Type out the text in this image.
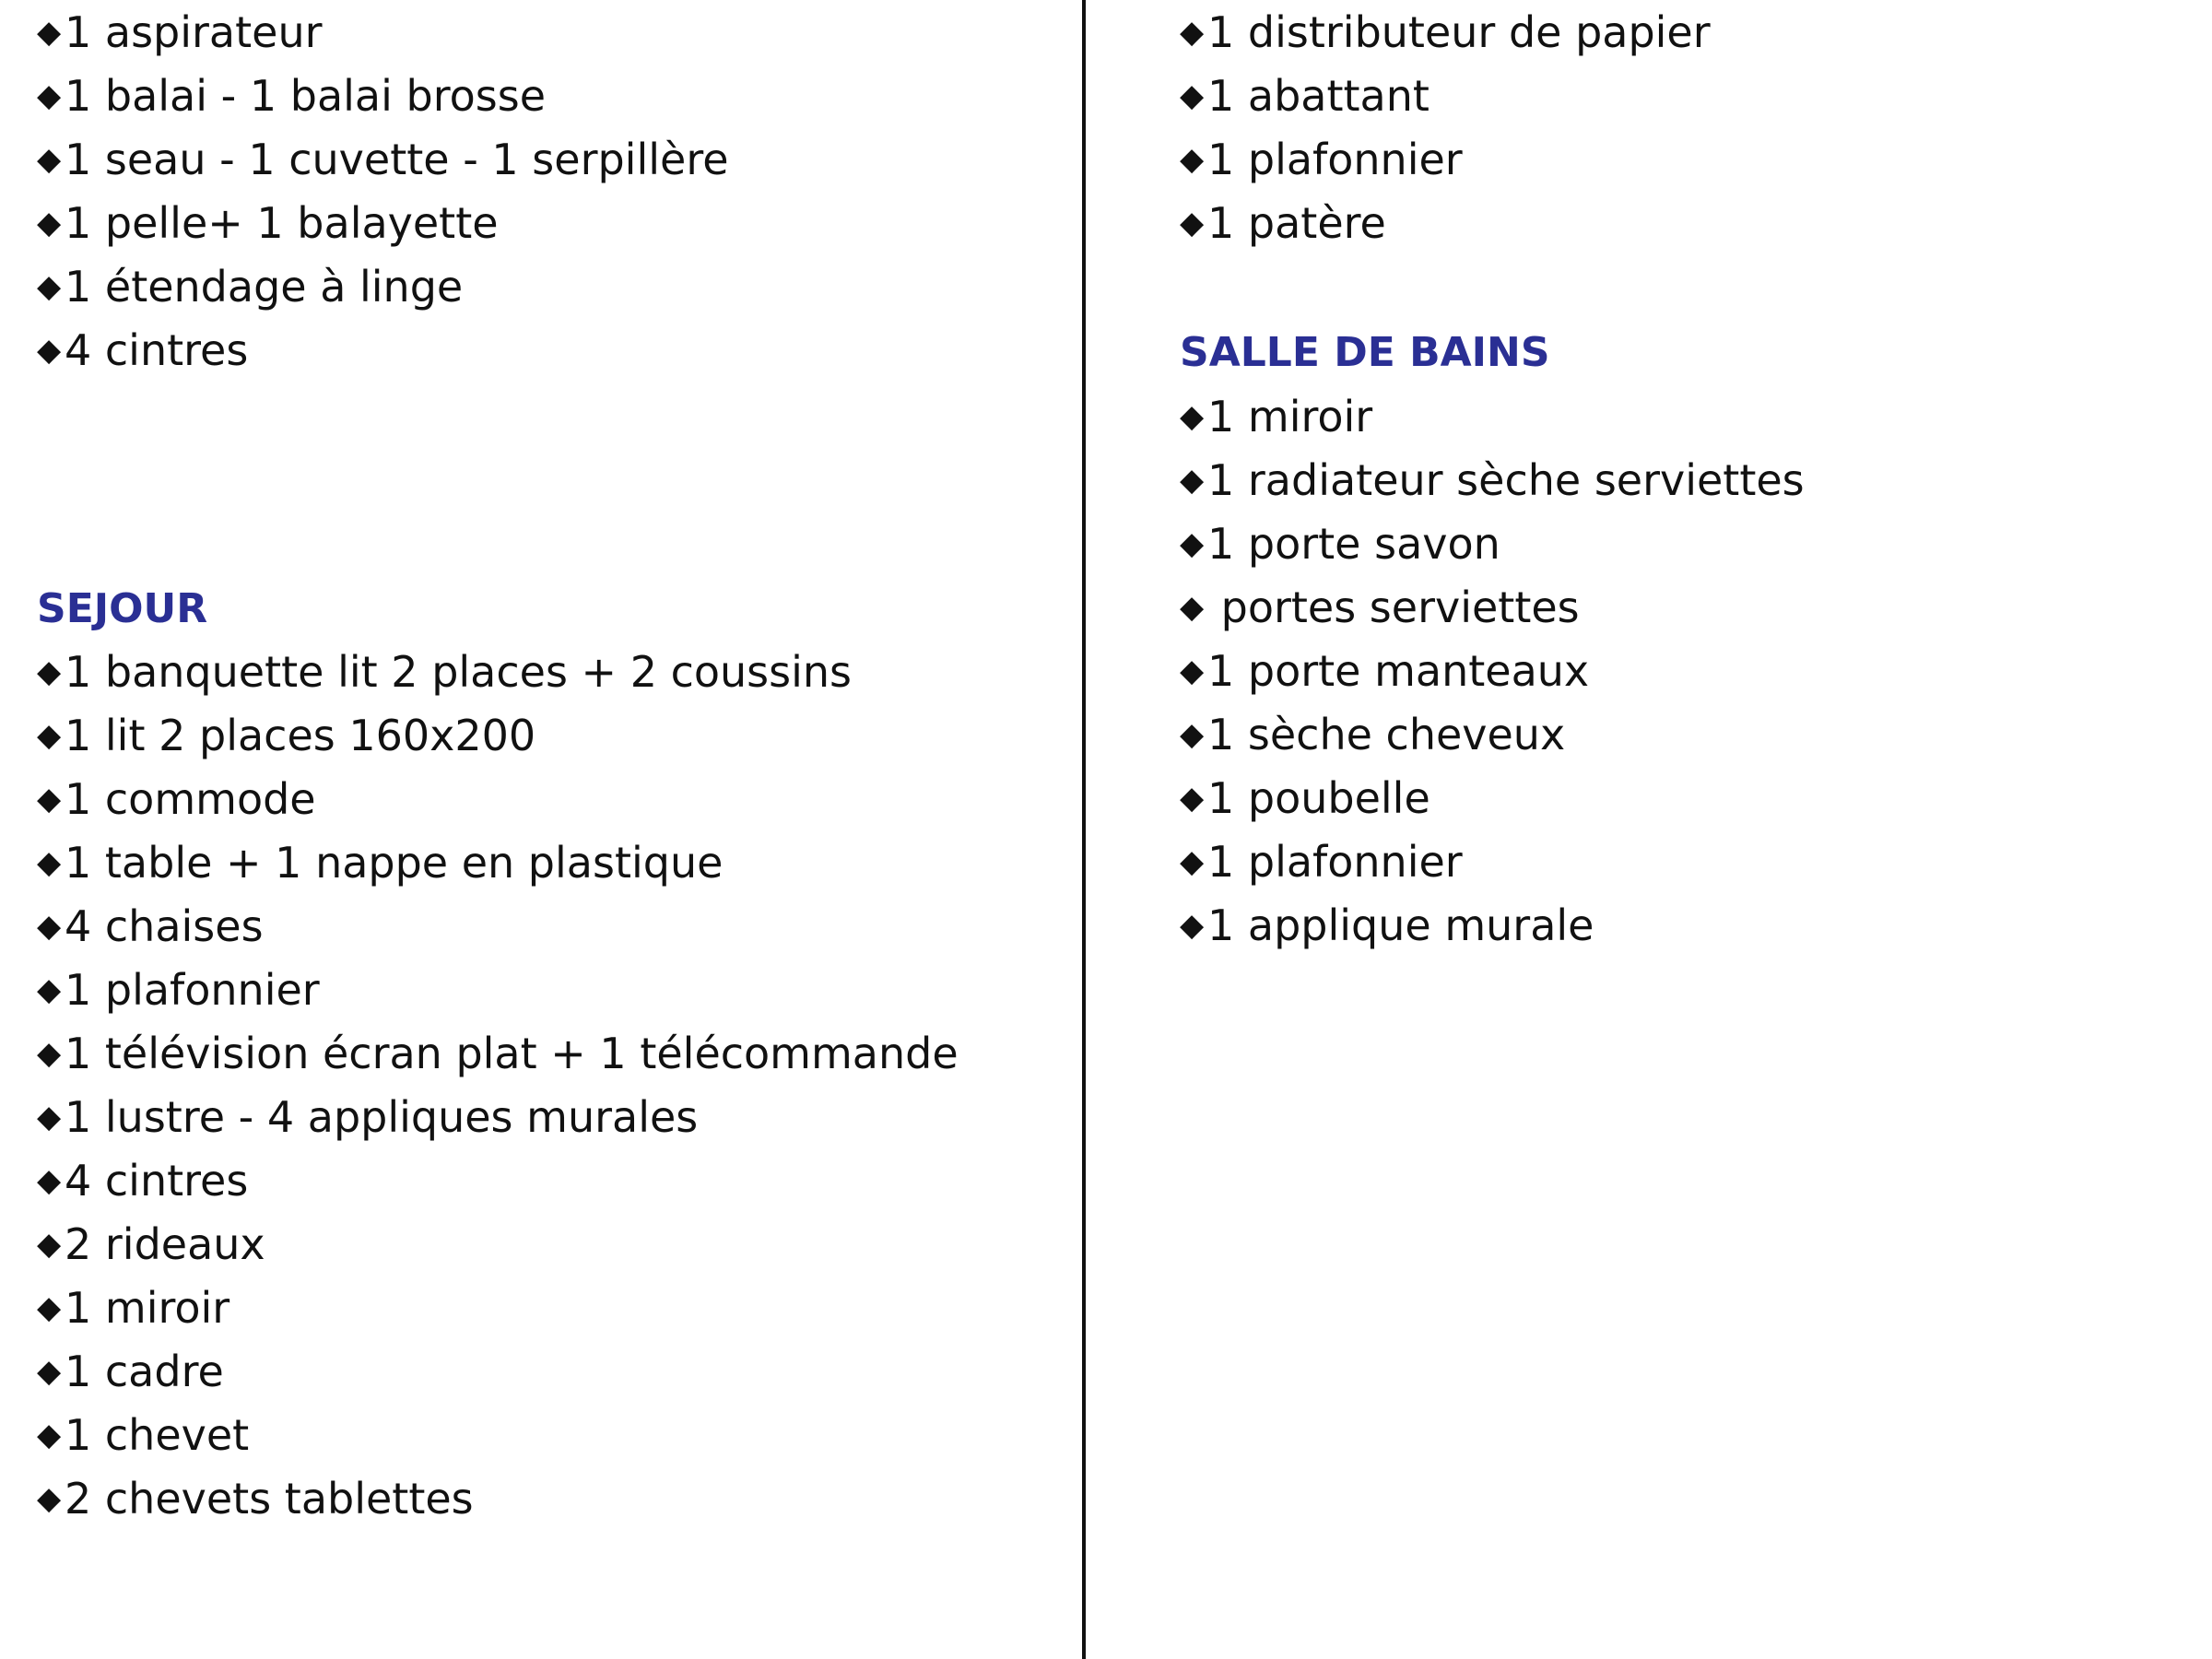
◆1 aspirateur
◆1 balai - 1 balai brosse
◆1 seau - 1 cuvette - 1 serpillère
◆1 pelle+ 1 balayette
◆1 étendage à linge
◆4 cintres
SEJOUR
◆1 banquette lit 2 places + 2 coussins
◆1 lit 2 places 160x200
◆1 commode
◆1 table + 1 nappe en plastique
◆4 chaises
◆1 plafonnier
◆1 télévision écran plat + 1 télécommande
◆1 lustre - 4 appliques murales
◆4 cintres
◆2 rideaux
◆1 miroir
◆1 cadre
◆1 chevet
◆2 chevets tablettes
◆1 distributeur de papier
◆1 abattant
◆1 plafonnier
◆1 patère
SALLE DE BAINS
◆1 miroir
◆1 radiateur sèche serviettes
◆1 porte savon
◆ portes serviettes
◆1 porte manteaux
◆1 sèche cheveux
◆1 poubelle
◆1 plafonnier
◆1 applique murale
